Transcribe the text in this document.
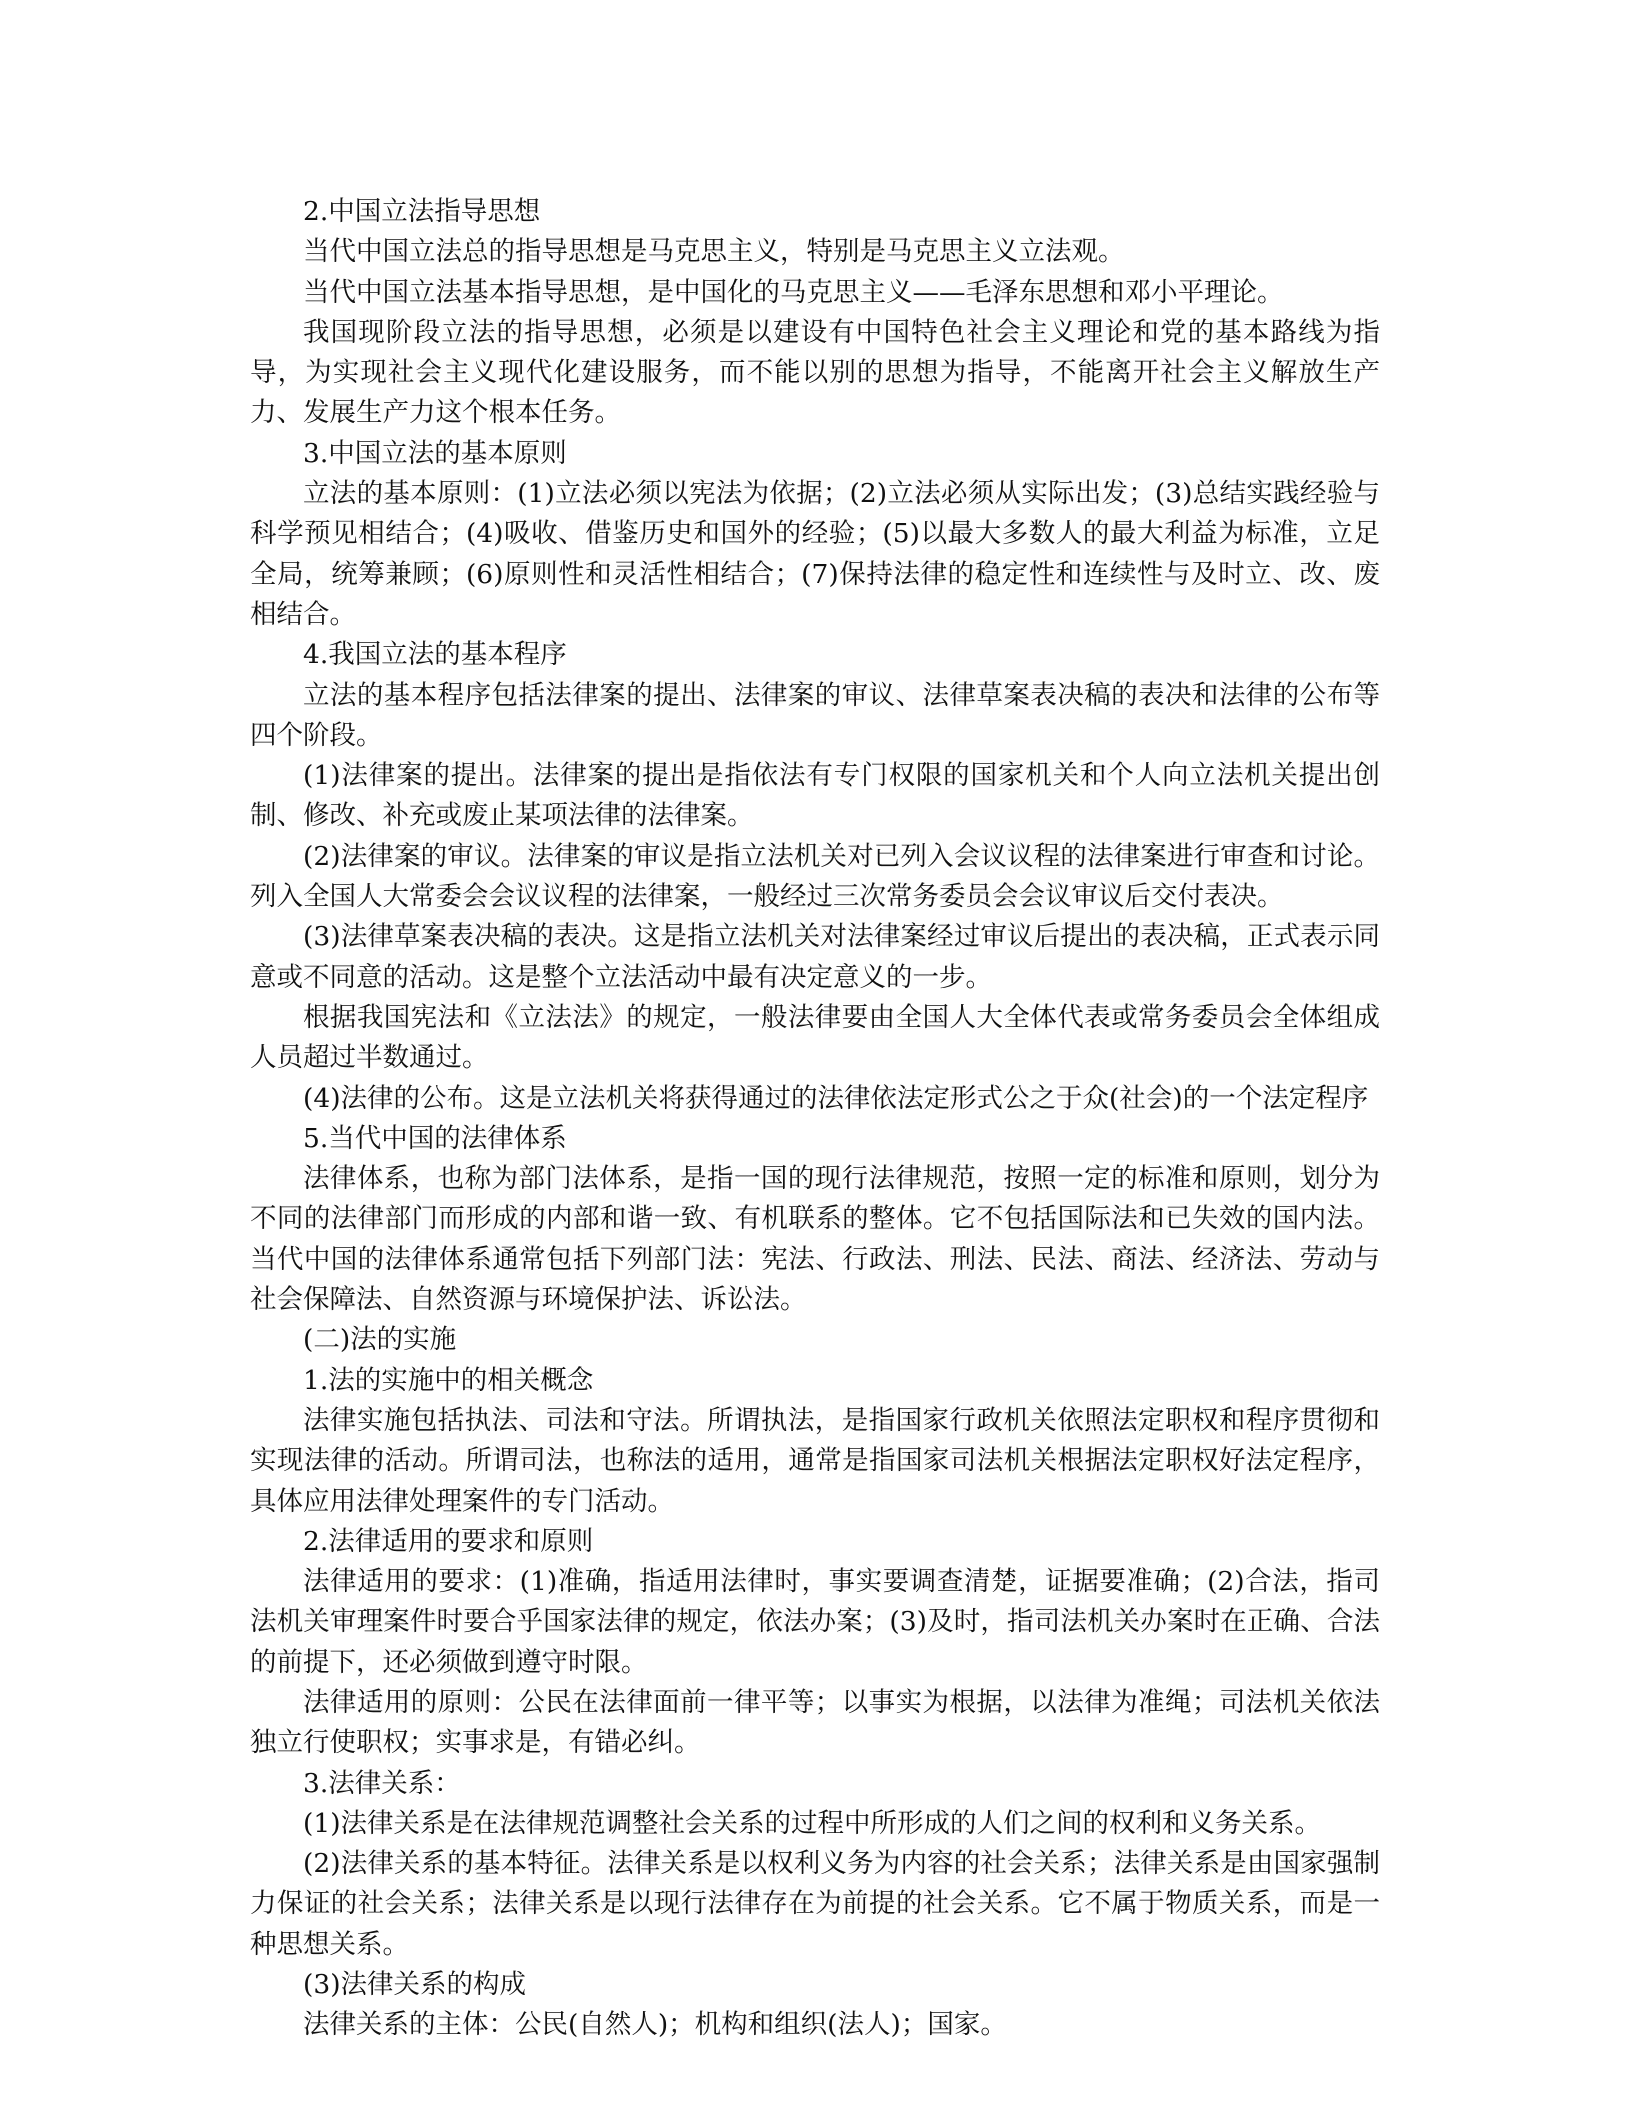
2.中国立法指导思想

当代中国立法总的指导思想是马克思主义，特别是马克思主义立法观。

当代中国立法基本指导思想，是中国化的马克思主义——毛泽东思想和邓小平理论。

我国现阶段立法的指导思想，必须是以建设有中国特色社会主义理论和党的基本路线为指导，为实现社会主义现代化建设服务，而不能以别的思想为指导，不能离开社会主义解放生产力、发展生产力这个根本任务。

3.中国立法的基本原则

立法的基本原则：(1)立法必须以宪法为依据；(2)立法必须从实际出发；(3)总结实践经验与科学预见相结合；(4)吸收、借鉴历史和国外的经验；(5)以最大多数人的最大利益为标准，立足全局，统筹兼顾；(6)原则性和灵活性相结合；(7)保持法律的稳定性和连续性与及时立、改、废相结合。

4.我国立法的基本程序

立法的基本程序包括法律案的提出、法律案的审议、法律草案表决稿的表决和法律的公布等四个阶段。

(1)法律案的提出。法律案的提出是指依法有专门权限的国家机关和个人向立法机关提出创制、修改、补充或废止某项法律的法律案。

(2)法律案的审议。法律案的审议是指立法机关对已列入会议议程的法律案进行审查和讨论。列入全国人大常委会会议议程的法律案，一般经过三次常务委员会会议审议后交付表决。

(3)法律草案表决稿的表决。这是指立法机关对法律案经过审议后提出的表决稿，正式表示同意或不同意的活动。这是整个立法活动中最有决定意义的一步。

根据我国宪法和《立法法》的规定，一般法律要由全国人大全体代表或常务委员会全体组成人员超过半数通过。

(4)法律的公布。这是立法机关将获得通过的法律依法定形式公之于众(社会)的一个法定程序

5.当代中国的法律体系

法律体系，也称为部门法体系，是指一国的现行法律规范，按照一定的标准和原则，划分为不同的法律部门而形成的内部和谐一致、有机联系的整体。它不包括国际法和已失效的国内法。当代中国的法律体系通常包括下列部门法：宪法、行政法、刑法、民法、商法、经济法、劳动与社会保障法、自然资源与环境保护法、诉讼法。

(二)法的实施

1.法的实施中的相关概念

法律实施包括执法、司法和守法。所谓执法，是指国家行政机关依照法定职权和程序贯彻和实现法律的活动。所谓司法，也称法的适用，通常是指国家司法机关根据法定职权好法定程序，具体应用法律处理案件的专门活动。

2.法律适用的要求和原则

法律适用的要求：(1)准确，指适用法律时，事实要调查清楚，证据要准确；(2)合法，指司法机关审理案件时要合乎国家法律的规定，依法办案；(3)及时，指司法机关办案时在正确、合法的前提下，还必须做到遵守时限。

法律适用的原则：公民在法律面前一律平等；以事实为根据，以法律为准绳；司法机关依法独立行使职权；实事求是，有错必纠。

3.法律关系：

(1)法律关系是在法律规范调整社会关系的过程中所形成的人们之间的权利和义务关系。

(2)法律关系的基本特征。法律关系是以权利义务为内容的社会关系；法律关系是由国家强制力保证的社会关系；法律关系是以现行法律存在为前提的社会关系。它不属于物质关系，而是一种思想关系。

(3)法律关系的构成

法律关系的主体：公民(自然人)；机构和组织(法人)；国家。
